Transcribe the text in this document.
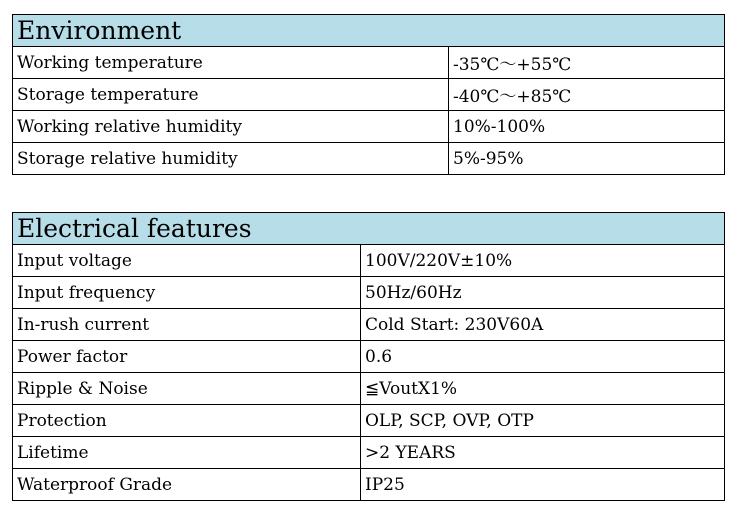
Environment	
Working temperature	-35℃～+55℃
Storage temperature	-40℃～+85℃
Working relative humidity	10%-100%
Storage relative humidity	5%-95%
Electrical features	
Input voltage	100V/220V±10%
Input frequency	50Hz/60Hz
In-rush current	Cold Start: 230V60A
Power factor	0.6
Ripple & Noise	≦VoutX1%
Protection	OLP, SCP, OVP, OTP
Lifetime	>2 YEARS
Waterproof Grade	IP25
